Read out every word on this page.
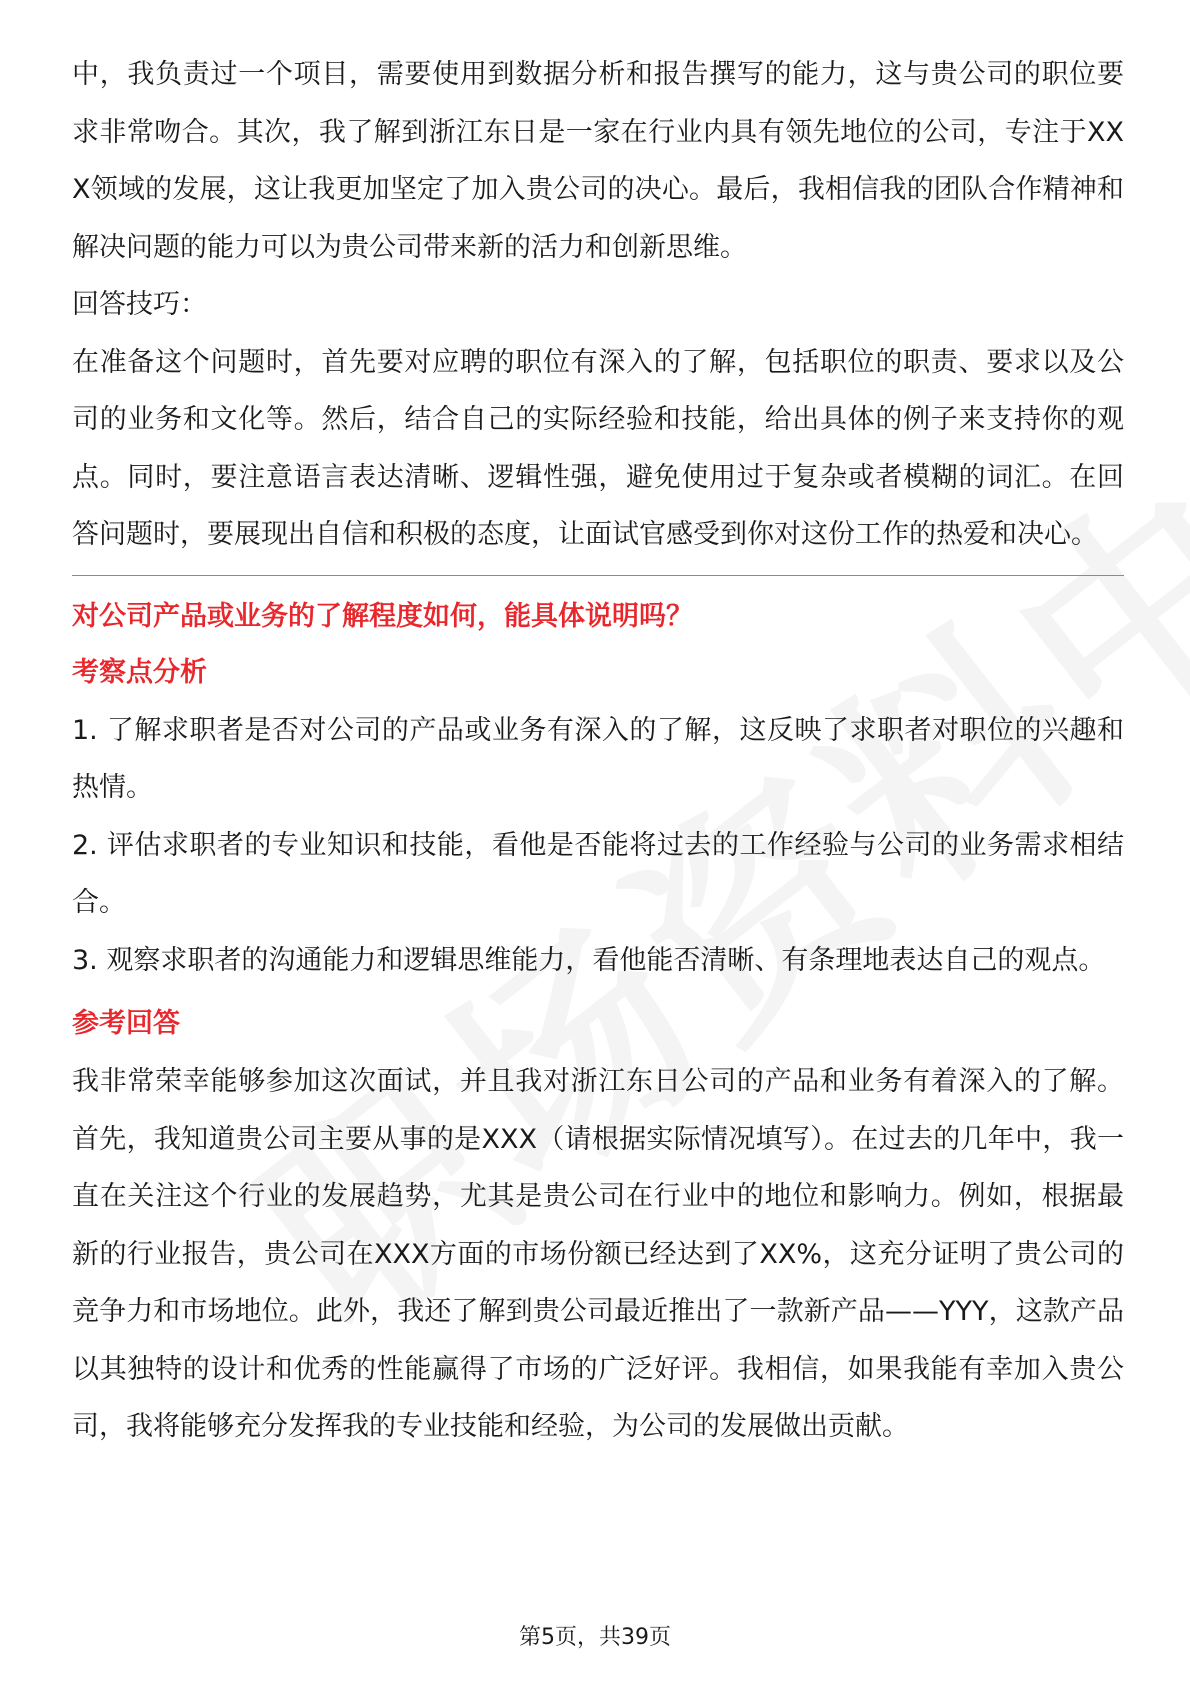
中，我负责过一个项目，需要使用到数据分析和报告撰写的能力，这与贵公司的职位要求非常吻合。其次，我了解到浙江东日是一家在行业内具有领先地位的公司，专注于XXX领域的发展，这让我更加坚定了加入贵公司的决心。最后，我相信我的团队合作精神和解决问题的能力可以为贵公司带来新的活力和创新思维。

回答技巧：

在准备这个问题时，首先要对应聘的职位有深入的了解，包括职位的职责、要求以及公司的业务和文化等。然后，结合自己的实际经验和技能，给出具体的例子来支持你的观点。同时，要注意语言表达清晰、逻辑性强，避免使用过于复杂或者模糊的词汇。在回答问题时，要展现出自信和积极的态度，让面试官感受到你对这份工作的热爱和决心。

对公司产品或业务的了解程度如何，能具体说明吗？

考察点分析

1. 了解求职者是否对公司的产品或业务有深入的了解，这反映了求职者对职位的兴趣和热情。

2. 评估求职者的专业知识和技能，看他是否能将过去的工作经验与公司的业务需求相结合。

3. 观察求职者的沟通能力和逻辑思维能力，看他能否清晰、有条理地表达自己的观点。

参考回答

我非常荣幸能够参加这次面试，并且我对浙江东日公司的产品和业务有着深入的了解。首先，我知道贵公司主要从事的是XXX（请根据实际情况填写）。在过去的几年中，我一直在关注这个行业的发展趋势，尤其是贵公司在行业中的地位和影响力。例如，根据最新的行业报告，贵公司在XXX方面的市场份额已经达到了XX%，这充分证明了贵公司的竞争力和市场地位。此外，我还了解到贵公司最近推出了一款新产品——YYY，这款产品以其独特的设计和优秀的性能赢得了市场的广泛好评。我相信，如果我能有幸加入贵公司，我将能够充分发挥我的专业技能和经验，为公司的发展做出贡献。

第5页，共39页
